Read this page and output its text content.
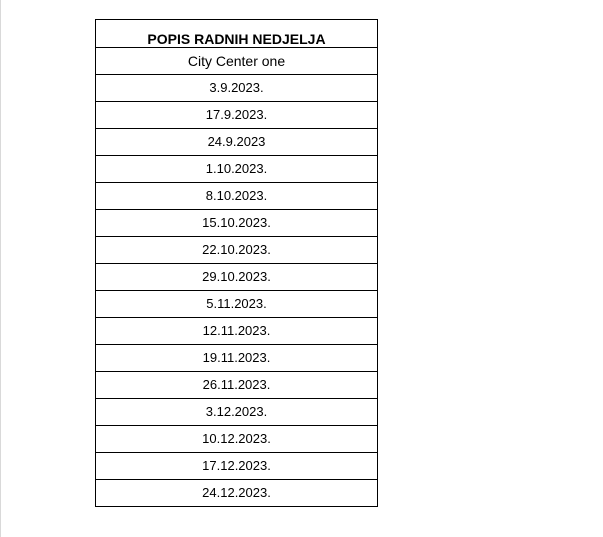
POPIS RADNIH NEDJELJA
City Center one
3.9.2023.
17.9.2023.
24.9.2023
1.10.2023.
8.10.2023.
15.10.2023.
22.10.2023.
29.10.2023.
5.11.2023.
12.11.2023.
19.11.2023.
26.11.2023.
3.12.2023.
10.12.2023.
17.12.2023.
24.12.2023.
